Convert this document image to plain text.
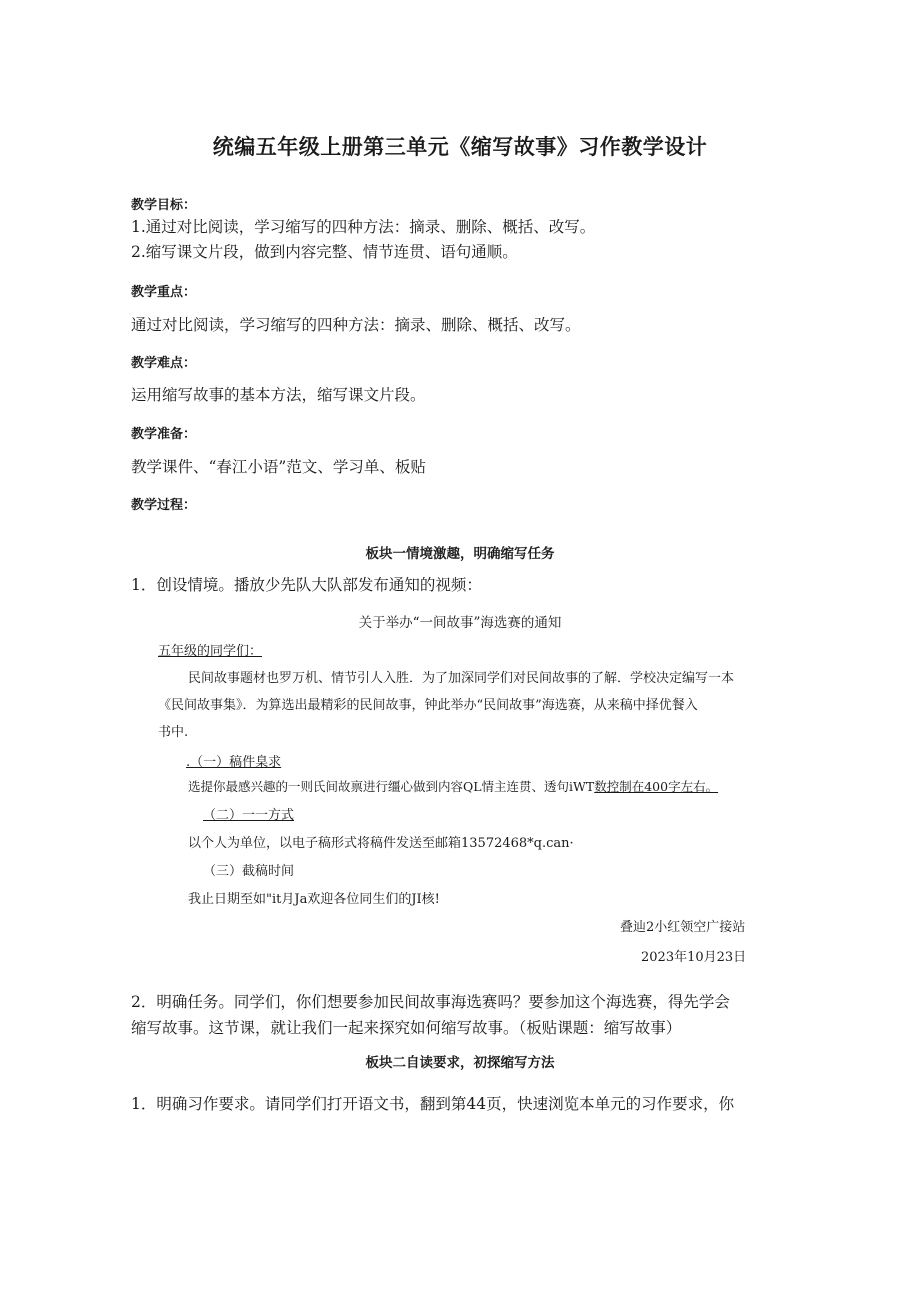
统编五年级上册第三单元《缩写故事》习作教学设计
教学目标：
1.通过对比阅读，学习缩写的四种方法：摘录、删除、概括、改写。
2.缩写课文片段，做到内容完整、情节连贯、语句通顺。
教学重点：
通过对比阅读，学习缩写的四种方法：摘录、删除、概括、改写。
教学难点：
运用缩写故事的基本方法，缩写课文片段。
教学准备：
教学课件、“春江小语”范文、学习单、板贴
教学过程：
板块一情境激趣，明确缩写任务
1．创设情境。播放少先队大队部发布通知的视频：
关于举办“一间故事”海选赛的通知
五年级的同学们：
民间故事题材也罗万机、情节引人入胜．为了加深同学们对民间故事的了解．学校决定编写一本
《民间故事集》．为算选出最精彩的民间故事，钟此举办“民间故事”海选赛，从来稿中择优餐入
书中.
.（一）稿件臬求
选提你最感兴趣的一则氏间故禀进行缰心做到内容QL情主连贯、透句iWT数控制在400字左右。
（二）一一方式
以个人为单位，以电子稿形式将稿件发送至邮箱13572468*q.can·
（三）截稿时间
我止日期至如"it月Ja欢迎各位同生们的JI核!
叠辿2小红领空广接站
2023年10月23日
2．明确任务。同学们，你们想要参加民间故事海选赛吗？要参加这个海选赛，得先学会
缩写故事。这节课，就让我们一起来探究如何缩写故事。（板贴课题：缩写故事）
板块二自读要求，初探缩写方法
1．明确习作要求。请同学们打开语文书，翻到第44页，快速浏览本单元的习作要求，你
